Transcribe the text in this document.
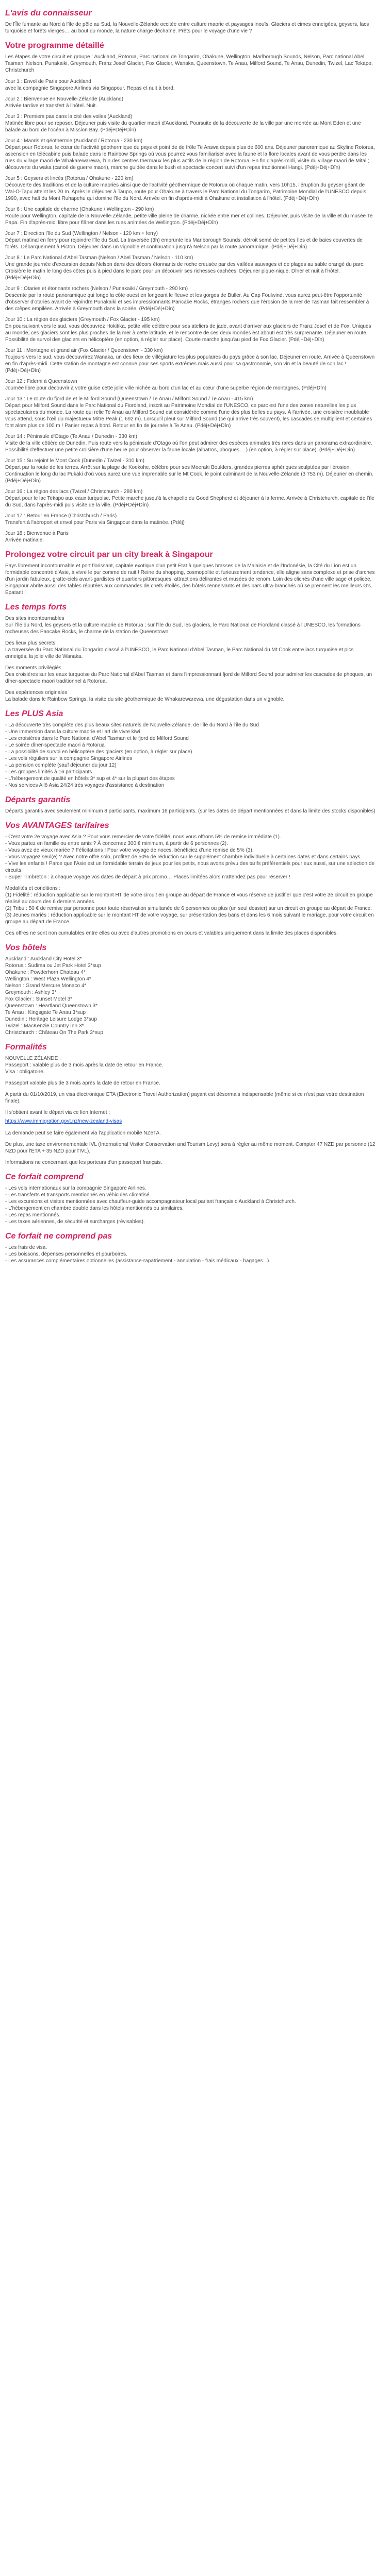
L'avis du connaisseur

De l'Île fumante au Nord à l'île de pêle au Sud, la Nouvelle-Zélande occitée entre culture maorie et paysages inouïs. Glaciers et cimes enneigées, geysers, lacs turquoise et forêts vierges… au bout du monde, la nature charge déchaîne. Prêts pour le voyage d'une vie ?

Votre programme détaillé

Les étapes de votre circuit en groupe : Auckland, Rotorua, Parc national de Tongariro, Ohakune, Wellington, Marlborough Sounds, Nelson, Parc national Abel Tasman, Nelson, Punakaiki, Greymouth, Franz Josef Glacier, Fox Glacier, Wanaka, Queenstown, Te Anau, Milford Sound, Te Anau, Dunedin, Twizel, Lac Tekapo, Christchurch

Jour 1 : Envol de Paris pour Auckland
avec la compagnie Singapore Airlines via Singapour. Repas et nuit à bord.
Jour 2 : Bienvenue en Nouvelle-Zélande (Auckland)
Arrivée tardive et transfert à l'hôtel. Nuit.
Jour 3 : Premiers pas dans la cité des voiles (Auckland)
Matinée libre pour se reposer. Déjeuner puis visite du quartier maori d'Auckland. Poursuite de la découverte de la ville par une montée au Mont Eden et une balade au bord de l'océan à Mission Bay. (Pdéj+Déj+Dîn)
Jour 4 : Maoris et géothermie (Auckland / Rotorua - 230 km)
Départ pour Rotorua, le cœur de l'activité géothermique du pays et point de de frôle Te Arawa depuis plus de 600 ans. Déjeuner panoramique au Skyline Rotorua, ascension en télécabine puis balade dans le Rainbow Springs où vous pourrez vous familiariser avec la faune et la flore locales avant de vous perdre dans les rues du village maori de Whakarewarewa, l'un des centres thermaux les plus actifs de la région de Rotorua. En fin d'après-midi, visite du village maori de Mitai ; découverte du waka (canoë de guerre maori), marche guidée dans le bush et spectacle concert suivi d'un repas traditionnel Hangi. (Pdéj+Déj+Dîn)
Jour 5 : Geysers et lincés (Rotorua / Ohakune - 220 km)
Découverte des traditions et de la culture maories ainsi que de l'activité géothermique de Rotorua où chaque matin, vers 10h15, l'éruption du geyser géant de Wai-O-Tapu atteint les 20 m. Après le déjeuner à Taupo, route pour Ohakune à travers le Parc National du Tongariro, Patrimoine Mondial de l'UNESCO depuis 1990, avec halt du Mont Ruhapehu qui domine l'île du Nord. Arrivée en fin d'après-midi à Ohakune et installation à l'hôtel. (Pdéj+Déj+Dîn)
Jour 6 : Une capitale de charme (Ohakune / Wellington - 290 km)
Route pour Wellington, capitale de la Nouvelle-Zélande, petite ville pleine de charme, nichée entre mer et collines. Déjeuner, puis visite de la ville et du musée Te Papa. Fin d'après-midi libre pour flâner dans les rues animées de Wellington. (Pdéj+Déj+Dîn)
Jour 7 : Direction l'île du Sud (Wellington / Nelson - 120 km + ferry)
Départ matinal en ferry pour rejoindre l'île du Sud. La traversée (3h) emprunte les Marlborough Sounds, détroit semé de petites îles et de baies couvertes de forêts. Débarquement à Picton. Déjeuner dans un vignoble et continuation jusqu'à Nelson par la route panoramique. (Pdéj+Déj+Dîn)
Jour 8 : Le Parc National d'Abel Tasman (Nelson / Abel Tasman / Nelson - 110 km)
Une grande journée d'excursion depuis Nelson dans des décors étonnants de roche creusée par des vallées sauvages et de plages au sable orangé du parc. Croisière le matin le long des côtes puis à pied dans le parc pour un découvrir ses richesses cachées. Déjeuner pique-nique. Dîner et nuit à l'hôtel. (Pdéj+Déj+Dîn)
Jour 9 : Otaries et étonnants rochers (Nelson / Punakaiki / Greymouth - 290 km)
Descente par la route panoramique qui longe la côte ouest en longeant le fleuve et les gorges de Buller. Au Cap Foulwind, vous aurez peut-être l'opportunité d'observer d'otaries avant de rejoindre Punakaiki et ses impressionnants Pancake Rocks, étranges rochers que l'érosion de la mer de Tasman fait ressembler à des crêpes empilées. Arrivée à Greymouth dans la soirée. (Pdéj+Déj+Dîn)
Jour 10 : La région des glaciers (Greymouth / Fox Glacier - 195 km)
En poursuivant vers le sud, vous découvrez Hokitika, petite ville célèbre pour ses ateliers de jade, avant d'arriver aux glaciers de Franz Josef et de Fox. Uniques au monde, ces glaciers sont les plus proches de la mer à cette latitude, et le rencontre de ces deux mondes est abouti est très surprenante. Déjeuner en route. Possibilité de survol des glaciers en hélicoptère (en option, à régler sur place). Courte marche jusqu'au pied de Fox Glacier. (Pdéj+Déj+Dîn)
Jour 11 : Montagne et grand air (Fox Glacier / Queenstown - 330 km)
Toujours vers le sud, vous découvrirez Wanaka, un des lieux de villégiature les plus populaires du pays grâce à son lac. Déjeuner en route. Arrivée à Queenstown en fin d'après-midi. Cette station de montagne est connue pour ses sports extrêmes mais aussi pour sa gastronomie, son vin et la beauté de son lac ! (Pdéj+Déj+Dîn)
Jour 12 : Fiderni à Queenstown
Journée libre pour découvrir à votre guise cette jolie ville nichée au bord d'un lac et au cœur d'une superbe région de montagnes. (Pdéj+Dîn)
Jour 13 : Le route du fjord de et le Milford Sound (Queenstown / Te Anau / Milford Sound / Te Anau - 415 km)
Départ pour Milford Sound dans le Parc National du Fiordland, inscrit au Patrimoine Mondial de l'UNESCO, ce parc est l'une des zones naturelles les plus spectaculaires du monde. La route qui relie Te Anau au Milford Sound est considérée comme l'une des plus belles du pays. À l'arrivée, une croisière inoubliable vous attend, sous l'œil du majestueux Mitre Peak (1 692 m). Lorsqu'il pleut sur Milford Sound (ce qui arrive très souvent), les cascades se multiplient et certaines font alors plus de 100 m ! Panier repas à bord. Retour en fin de journée à Te Anau. (Pdéj+Déj+Dîn)
Jour 14 : Péninsule d'Otago (Te Anau / Dunedin - 330 km)
Visite de la ville côtière de Dunedin. Puis route vers la péninsule d'Otago où l'on peut admirer des espèces animales très rares dans un panorama extraordinaire. Possibilité d'effectuer une petite croisière d'une heure pour observer la faune locale (albatros, phoques… ) (en option, à régler sur place). (Pdéj+Déj+Dîn)
Jour 15 : Su rejoint le Mont Cook (Dunedin / Twizel - 310 km)
Départ par la route de les terres. Arrêt sur la plage de Koekohe, célèbre pour ses Moeraki Boulders, grandes pierres sphériques sculptées par l'érosion. Continuation le long du lac Pukaki d'où vous aurez une vue imprenable sur le Mt Cook, le point culminant de la Nouvelle-Zélande (3 753 m). Déjeuner en chemin. (Pdéj+Déj+Dîn)
Jour 16 : La région des lacs (Twizel / Christchurch - 280 km)
Départ pour le lac Tekapo aux eaux turquoise. Petite marche jusqu'à la chapelle du Good Shepherd et déjeuner à la ferme. Arrivée à Christchurch, capitale de l'île du Sud, dans l'après-midi puis visite de la ville. (Pdéj+Déj+Dîn)
Jour 17 : Retour en France (Christchurch / Paris)
Transfert à l'aéroport et envol pour Paris via Singapour dans la matinée. (Pdéj)
Jour 18 : Bienvenue à Paris
Arrivée matinale.
Prolongez votre circuit par un city break à Singapour

Pays librement incontournable et port florissant, capitale exotique d'un petit État à quelques brasses de la Malaisie et de l'Indonésie, la Cité du Lion est un formidable concentré d'Asie, à vivre le pur comme de nuit ! Reine du shopping, cosmopolite et furieusement tendance, elle aligne sans complexe et prise d'arches d'un jardin fabuleux, gratte-ciels avant-gardistes et quartiers pittoresques, attractions délirantes et musées de renom. Loin des clichés d'une ville sage et policée, Singapour abrite aussi des tables réputées aux commandes de chefs étoilés, des hôtels rennervants et des bars ultra-branchés où se prennent les meilleurs G's. Epatant !

Les temps forts

Des sites incontournables

Sur l'île du Nord, les geysers et la culture maorie de Rotorua ; sur l'île du Sud, les glaciers, le Parc National de Fiordland classé à l'UNESCO, les formations rocheuses des Pancake Rocks, le charme de la station de Queenstown.

Des lieux plus secrets

La traversée du Parc National du Tongariro classé à l'UNESCO, le Parc National d'Abel Tasman, le Parc National du Mt Cook entre lacs turquoise et pics enneigés, la jolie ville de Wanaka.

Des moments privilégiés

Des croisières sur les eaux turquoise du Parc National d'Abel Tasman et dans l'impressionnant fjord de Milford Sound pour admirer les cascades de phoques, un dîner-spectacle maori traditionnel à Rotorua.

Des expériences originales

La balade dans le Rainbow Springs, la visite du site géothermique de Whakarewarewa, une dégustation dans un vignoble.

Les PLUS Asia

- La découverte très complète des plus beaux sites naturels de Nouvelle-Zélande, de l'île du Nord à l'île du Sud

- Une immersion dans la culture maorie et l'art de vivre kiwi

- Les croisières dans le Parc National d'Abel Tasman et le fjord de Milford Sound

- Le soirée dîner-spectacle maori à Rotorua

- La possibilité de survol en hélicoptère des glaciers (en option, à régler sur place)

- Les vols réguliers sur la compagnie Singapore Airlines

- La pension complète (sauf déjeuner du jour 12)

- Les groupes limités à 16 participants

- L'hébergement de qualité en hôtels 3* sup et 4* sur la plupart des étapes

- Nos services Allô Asia 24/24 très voyages d'assistance à destination

Départs garantis

Départs garantis avec seulement minimum 8 participants, maximum 16 participants. (sur les dates de départ mentionnées et dans la limite des stocks disponibles)

Vos AVANTAGES tarifaires

- C'est votre 2e voyage avec Asia ? Pour vous remercier de votre fidélité, nous vous offrons 5% de remise immédiate (1).

- Vous partez en famille ou entre amis ? À concernez 300 € minimum, à partir de 6 personnes (2).

- Vous avez de vieux mariée ? Félicitations ! Pour votre voyage de noces, bénéficiez d'une remise de 5% (3).

- Vous voyagez seul(e) ? Avec notre offre solo, profitez de 50% de réduction sur le supplément chambre individuelle à certaines dates et dans certains pays.

- Vive les enfants ! Parce que l'Asie est un formidable terrain de jeux pour les petits, nous avons prévu des tarifs préférentiels pour eux aussi, sur une sélection de circuits.

- Super Timbreton : à chaque voyage vos dates de départ à prix promo… Places limitées alors n'attendez pas pour réserver !

Modalités et conditions :

(1) Fidélité : réduction applicable sur le montant HT de votre circuit en groupe au départ de France et vous réserve de justifier que c'est votre 3e circuit en groupe réalisé au cours des 6 derniers années.

(2) Tribu : 50 € de remise par personne pour toute réservation simultanée de 6 personnes ou plus (un seul dossier) sur un circuit en groupe au départ de France.

(3) Jeunes mariés : réduction applicable sur le montant HT de votre voyage, sur présentation des bans et dans les 6 mois suivant le mariage, pour votre circuit en groupe au départ de France.

Ces offres ne sont non cumulables entre elles ou avec d'autres promotions en cours et valables uniquement dans la limite des places disponibles.

Vos hôtels

Auckland : Auckland City Hotel 3*

Rotorua : Sudima ou Jet Park Hotel 3*sup

Ohakune : Powderhorn Chateau 4*

Wellington : West Plaza Wellington 4*

Nelson : Grand Mercure Monaco 4*

Greymouth : Ashley 3*

Fox Glacier : Sunset Motel 3*

Queenstown : Heartland Queenstown 3*

Te Anau : Kingsgate Te Anau 3*sup

Dunedin : Heritage Leisure Lodge 3*sup

Twizel : MacKenzie Country Inn 3*

Christchurch : Château On The Park 3*sup

Formalités

NOUVELLE ZÉLANDE :

Passeport : valable plus de 3 mois après la date de retour en France.

Visa : obligatoire.

Passeport valable plus de 3 mois après la date de retour en France.

A partir du 01/10/2019, un visa électronique ETA (Electronic Travel Authorization) payant est désormais indispensable (même si ce n'est pas votre destination finale).

Il s'obtient avant le départ via ce lien Internet :

https://www.immigration.govt.nz/new-zealand-visas

La demande peut se faire également via l'application mobile NZeTA.

De plus, une taxe environnementale IVL (International Visitor Conservation and Tourism Levy) sera à régler au même moment. Compter 47 NZD par personne (12 NZD pour l'ETA + 35 NZD pour l'IVL).

Informations ne concernant que les porteurs d'un passeport français.

Ce forfait comprend

- Les vols internationaux sur la compagnie Singapore Airlines.

- Les transferts et transports mentionnés en véhicules climatisé.

- Les excursions et visites mentionnées avec chauffeur-guide accompagnateur local parlant français d'Auckland à Christchurch.

- L'hébergement en chambre double dans les hôtels mentionnés ou similaires.

- Les repas mentionnés.

- Les taxes aériennes, de sécurité et surcharges (révisables).

Ce forfait ne comprend pas

- Les frais de visa.

- Les boissons, dépenses personnelles et pourboires.

- Les assurances complémentaires optionnelles (assistance-rapatriement - annulation - frais médicaux - bagages...).
